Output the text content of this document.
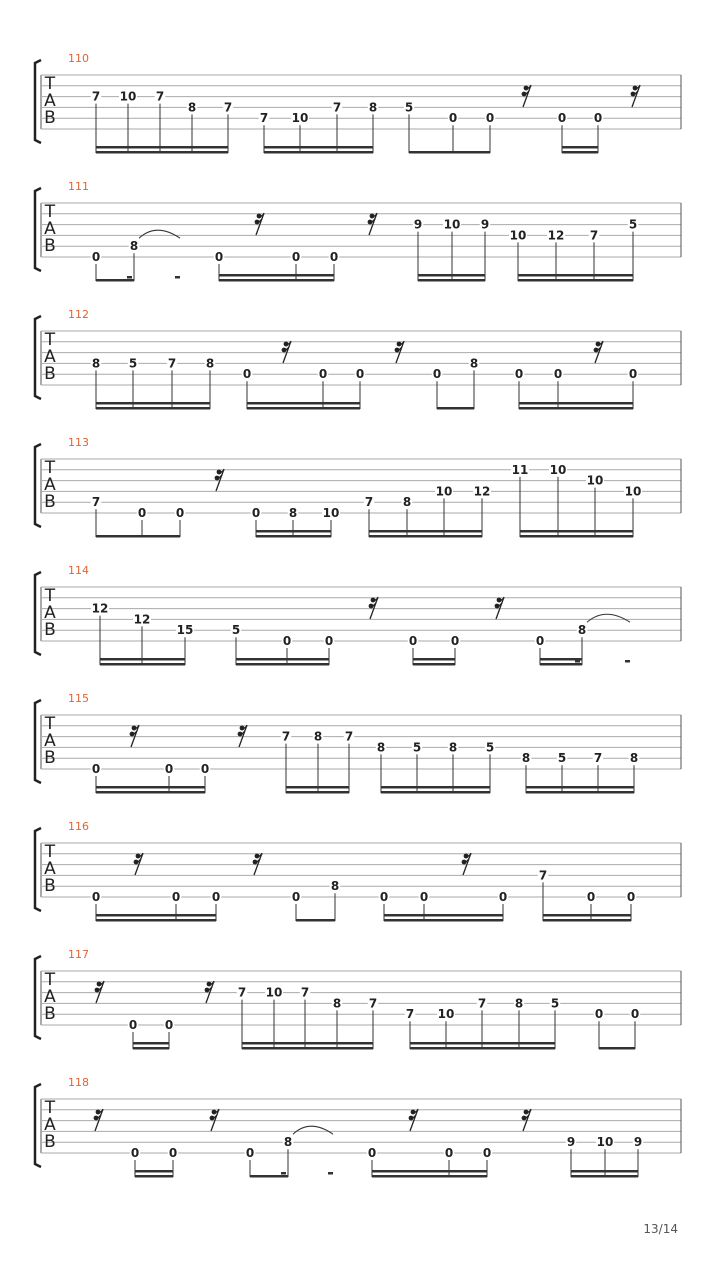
T
A
B
110
7 10 7
8 7
7 10
7 8 5
0 0	0 0
T
A
B
111
0
8
0	0 0
9 10 9
10 12 7
5
T
A
B
112
8 5	7 8
0	0 0	0
8
0	0	0
T
A
B
113
7
0 0	0 8 10
7 8
10 12
11 10
10
10
T
A
B
114
12
12
15	5
0	0	0	0	0
8
T
A
B
115
0	0 0
7 8 7
8 5 8 5
8 5 7 8
T
A
B
116
0	0	0	0
8
0	0	0
7
0	0
T
A
B
117
0 0
7 10 7
8 7
7 10
7 8 5
0 0
T
A
B
118
0 0	0
8
0	0 0
9 10 9
13/14
